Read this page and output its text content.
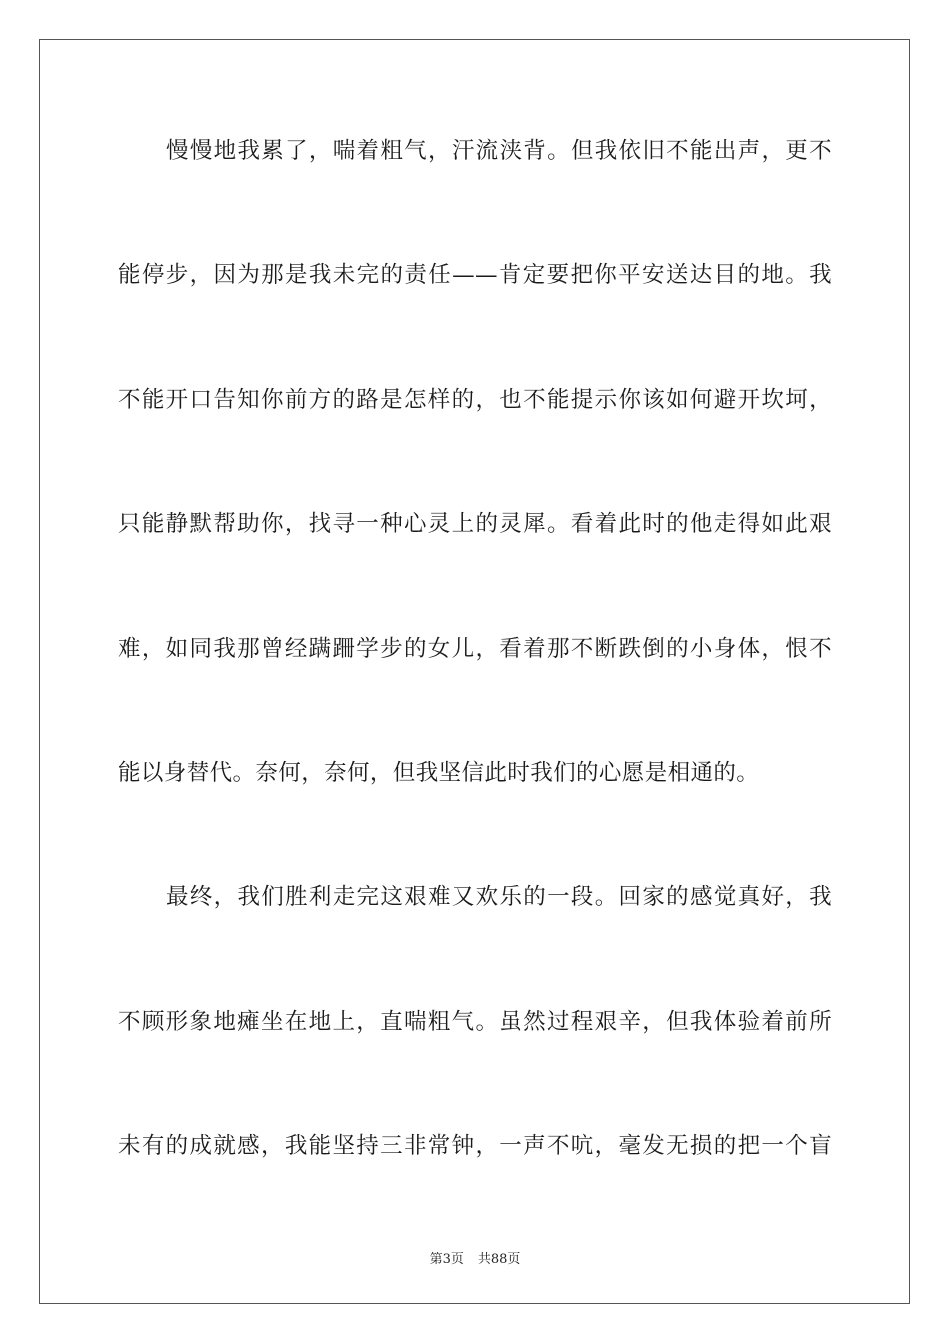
慢慢地我累了，喘着粗气，汗流浃背。但我依旧不能出声，更不
能停步，因为那是我未完的责任——肯定要把你平安送达目的地。我
不能开口告知你前方的路是怎样的，也不能提示你该如何避开坎坷，
只能静默帮助你，找寻一种心灵上的灵犀。看着此时的他走得如此艰
难，如同我那曾经蹒跚学步的女儿，看着那不断跌倒的小身体，恨不
能以身替代。奈何，奈何，但我坚信此时我们的心愿是相通的。
最终，我们胜利走完这艰难又欢乐的一段。回家的感觉真好，我
不顾形象地瘫坐在地上，直喘粗气。虽然过程艰辛，但我体验着前所
未有的成就感，我能坚持三非常钟，一声不吭，毫发无损的把一个盲
第3页 共88页
